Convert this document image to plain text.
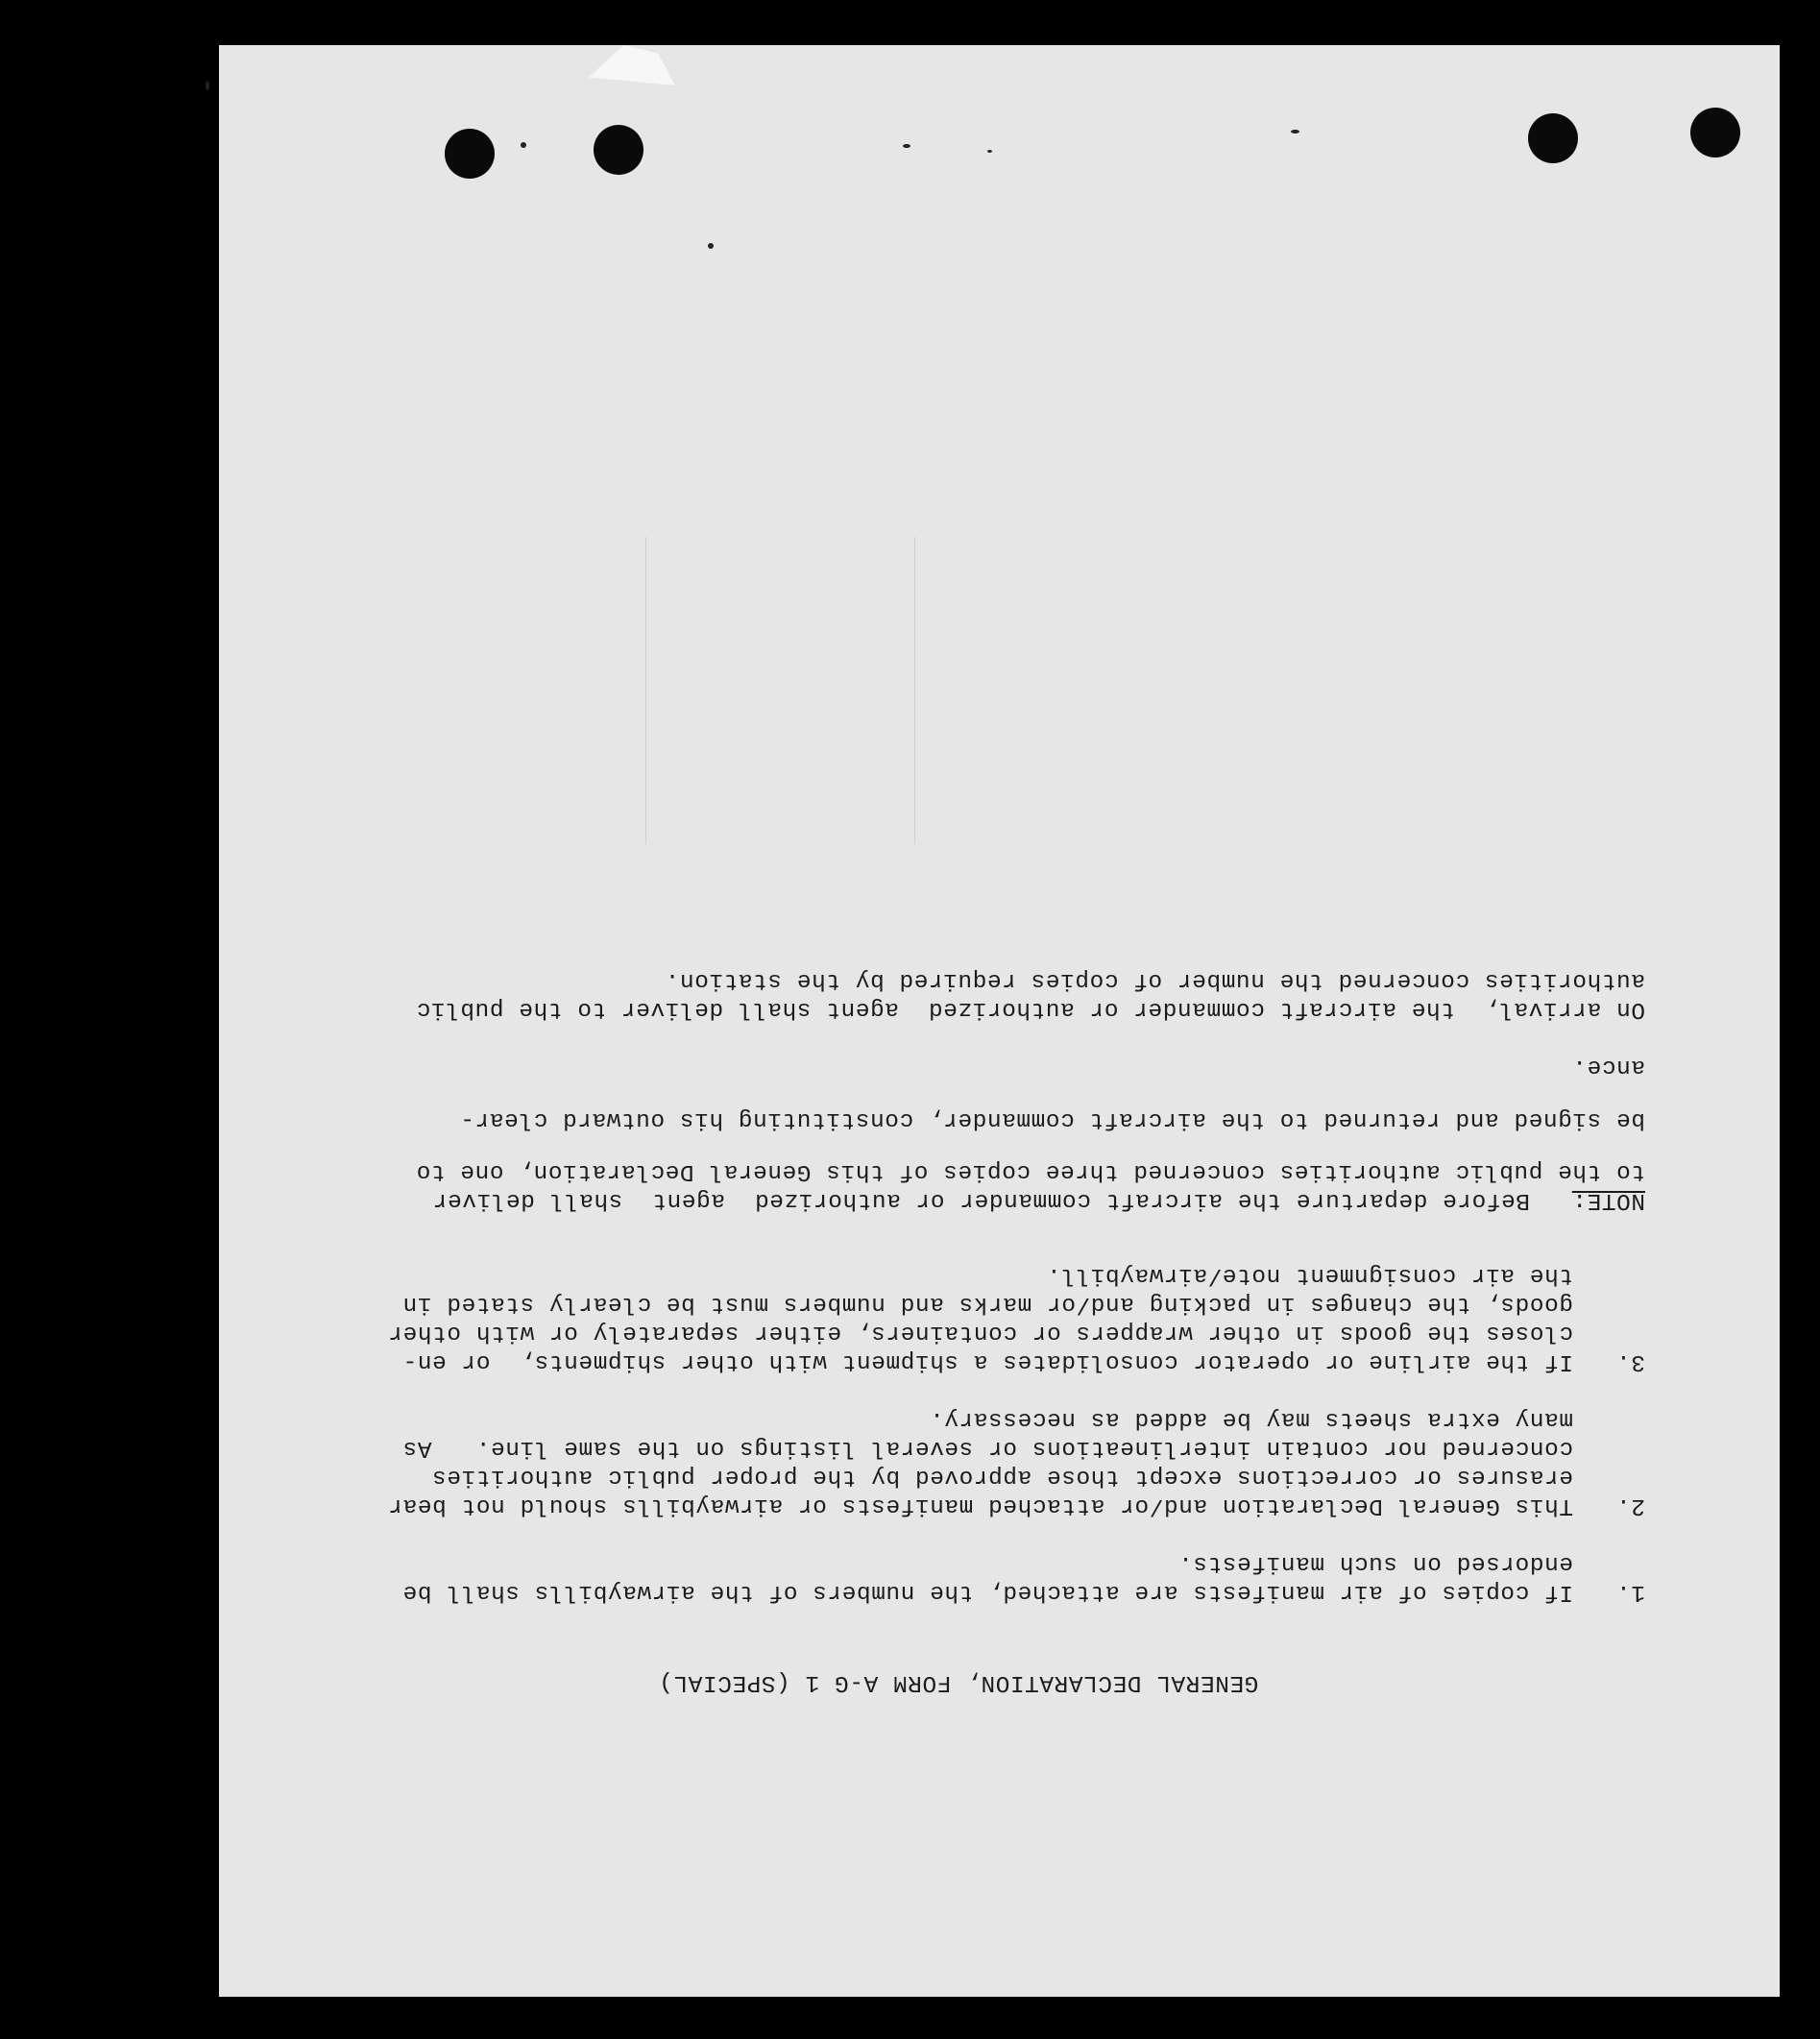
GENERAL DECLARATION, FORM A-G 1 (SPECIAL)
1.

If copies of air manifests are attached, the numbers of the airwaybills shall be

endorsed on such manifests.

2.

This General Declaration and/or attached manifests or airwaybills should not bear

erasures or corrections except those approved by the proper public authorities

concerned nor contain interlineations or several listings on the same line.   As

many extra sheets may be added as necessary.

3.

If the airline or operator consolidates a shipment with other shipments,  or en-

closes the goods in other wrappers or containers, either separately or with other

goods, the changes in packing and/or marks and numbers must be clearly stated in

the air consignment note/airwaybill.

NOTE:

Before departure the aircraft commander or authorized  agent  shall deliver

to the public authorities concerned three copies of this General Declaration, one to

be signed and returned to the aircraft commander, constituting his outward clear-

ance.

On arrival,  the aircraft commander or authorized  agent shall deliver to the public

authorities concerned the number of copies required by the station.
